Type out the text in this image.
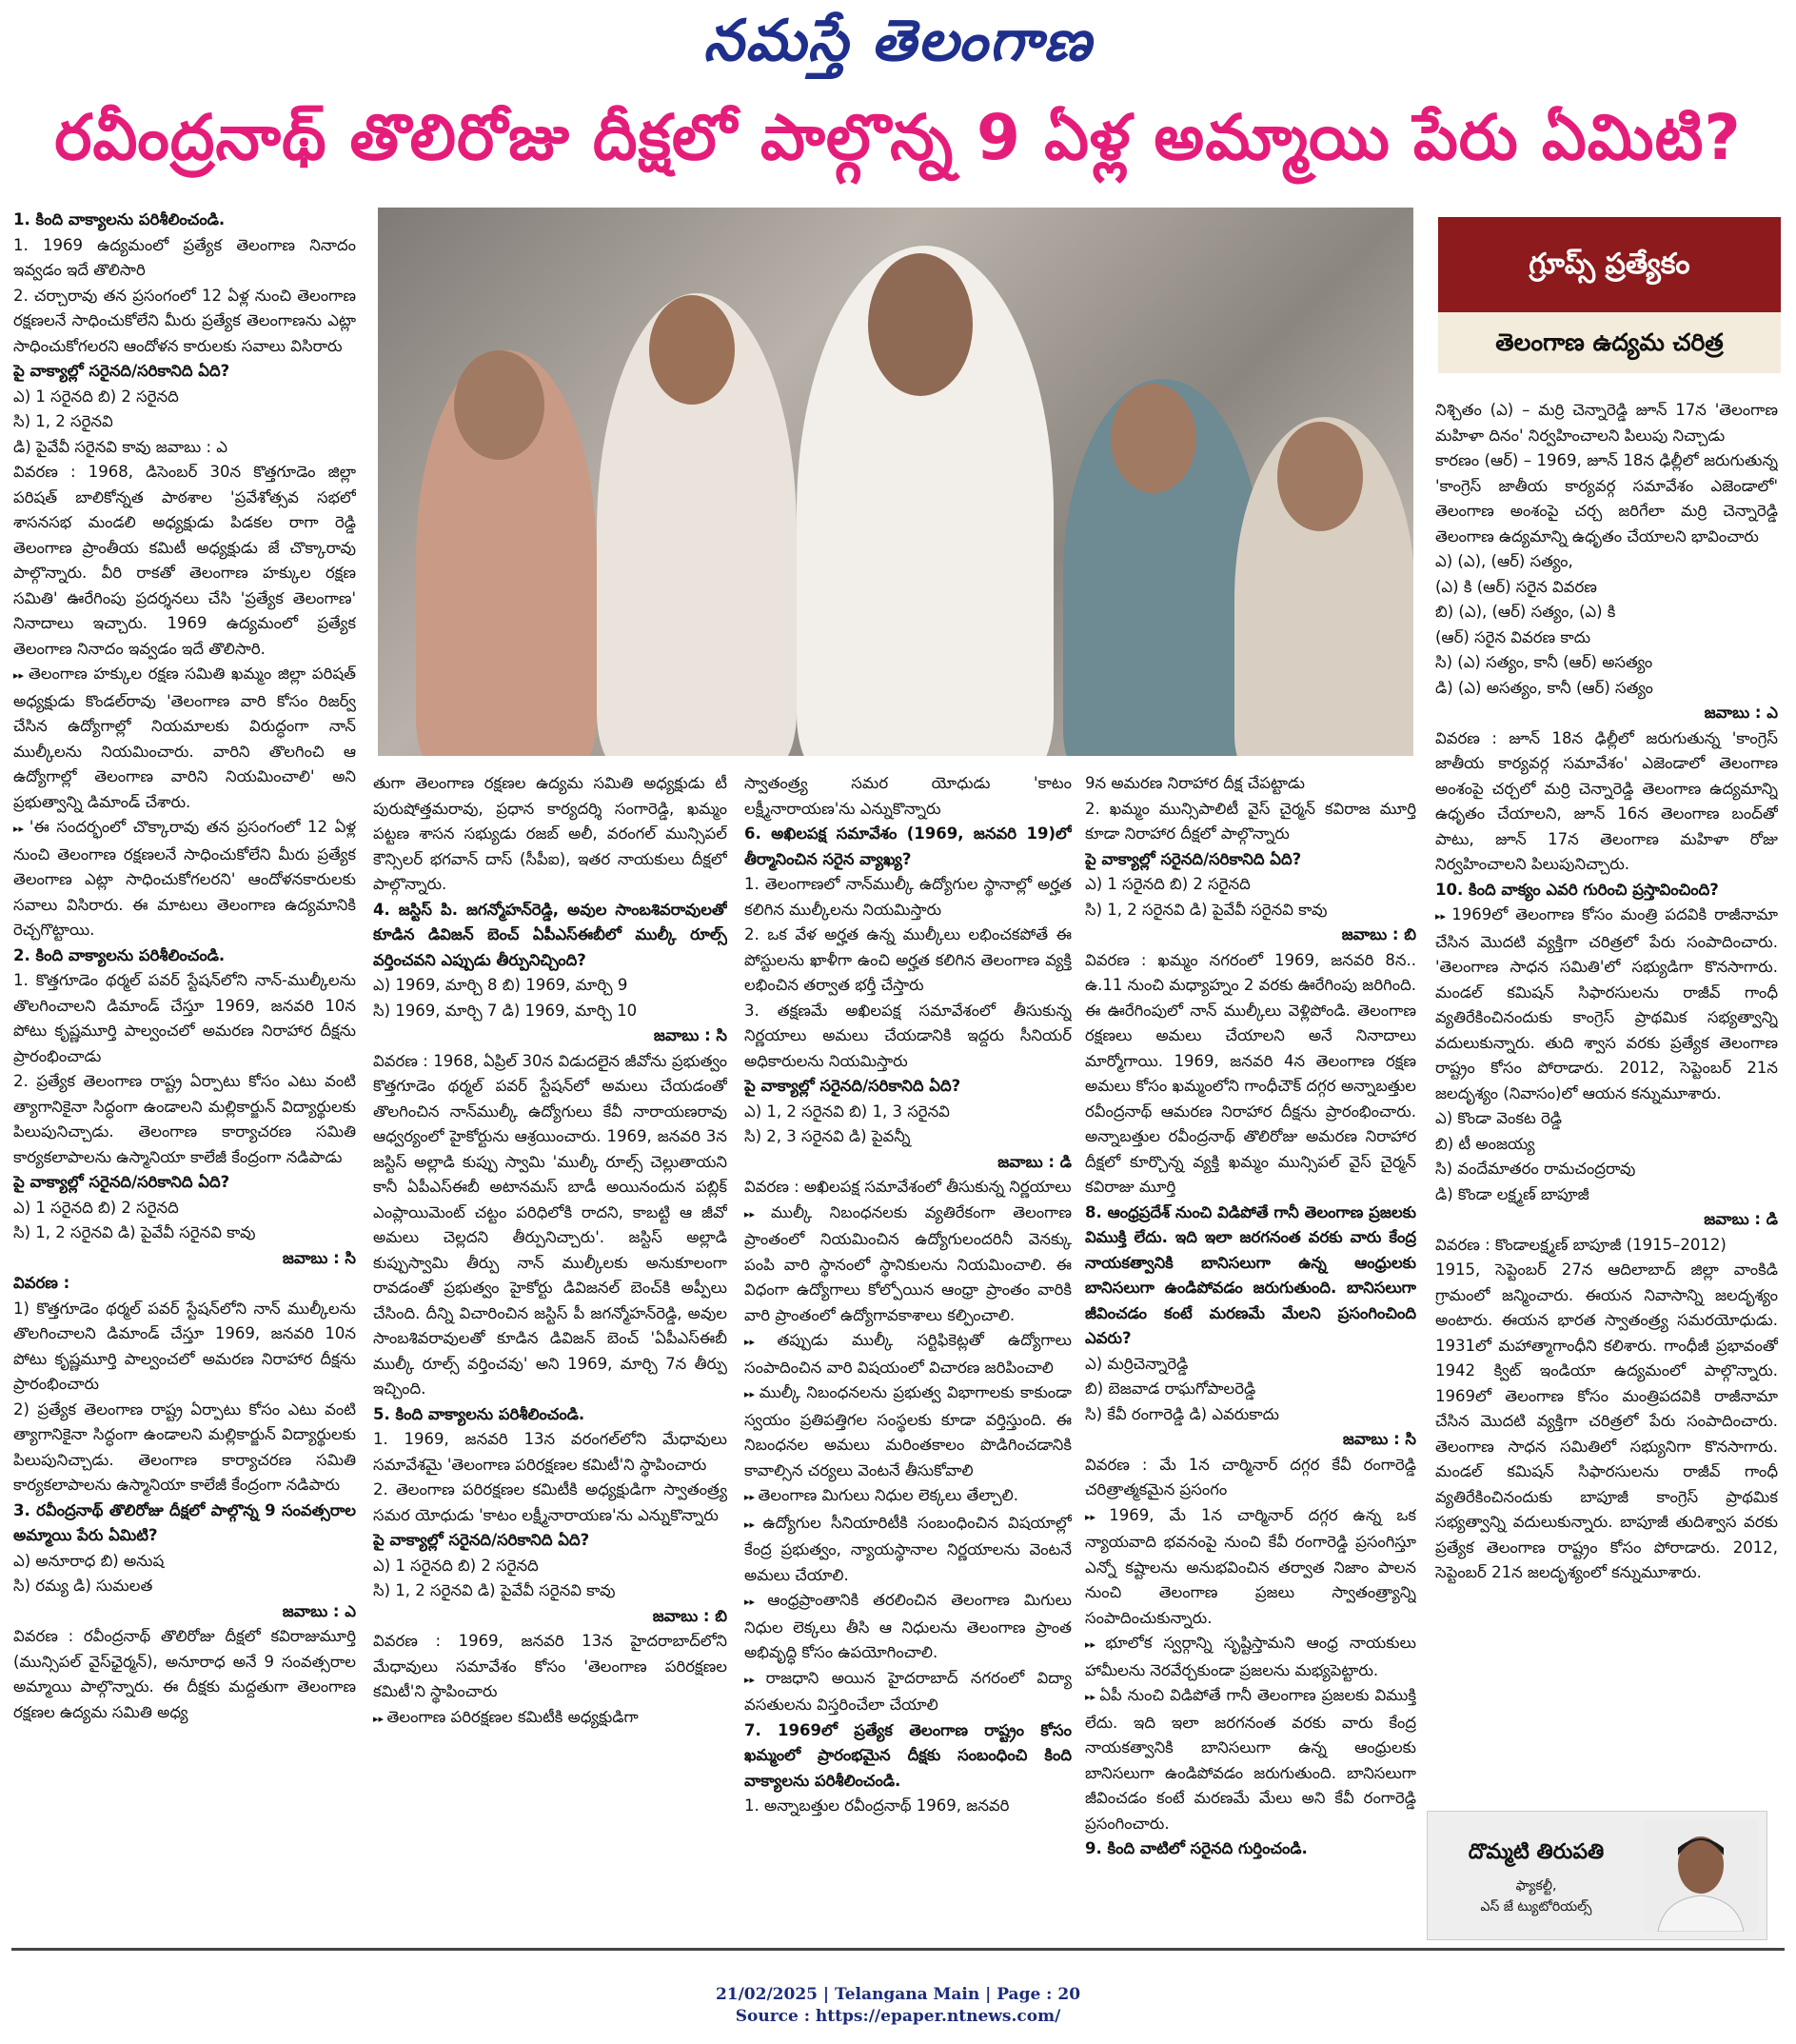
నమస్తే తెలంగాణ
రవీంద్రనాథ్ తొలిరోజు దీక్షలో పాల్గొన్న 9 ఏళ్ల అమ్మాయి పేరు ఏమిటి?
గ్రూప్స్ ప్రత్యేకం
తెలంగాణ ఉద్యమ చరిత్ర

1. కింది వాక్యాలను పరిశీలించండి.

1. 1969 ఉద్యమంలో ప్రత్యేక తెలంగాణ నినాదం ఇవ్వడం ఇదే తొలిసారి

2. చర్చారావు తన ప్రసంగంలో 12 ఏళ్ల నుంచి తెలంగాణ రక్షణలనే సాధించుకోలేని మీరు ప్రత్యేక తెలంగాణను ఎట్లా సాధించుకోగలరని ఆందోళన కారులకు సవాలు విసిరారు

పై వాక్యాల్లో సరైనది/సరికానిది ఏది?

ఎ) 1 సరైనది బి) 2 సరైనది

సి) 1, 2 సరైనవి

డి) పైవేవీ సరైనవి కావు జవాబు : ఎ

వివరణ : 1968, డిసెంబర్ 30న కొత్తగూడెం జిల్లా పరిషత్ బాలికోన్నత పాఠశాల 'ప్రవేశోత్సవ సభలో శాసనసభ మండలి అధ్యక్షుడు పిడకల రాగా రెడ్డి తెలంగాణ ప్రాంతీయ కమిటీ అధ్యక్షుడు జే చొక్కారావు పాల్గొన్నారు. వీరి రాకతో తెలంగాణ హక్కుల రక్షణ సమితి' ఊరేగింపు ప్రదర్శనలు చేసి 'ప్రత్యేక తెలంగాణ' నినాదాలు ఇచ్చారు. 1969 ఉద్యమంలో ప్రత్యేక తెలంగాణ నినాదం ఇవ్వడం ఇదే తొలిసారి.

▸▸ తెలంగాణ హక్కుల రక్షణ సమితి ఖమ్మం జిల్లా పరిషత్ అధ్యక్షుడు కొండల్‌రావు 'తెలంగాణ వారి కోసం రిజర్వ్ చేసిన ఉద్యోగాల్లో నియమాలకు విరుద్ధంగా నాన్ ముల్కీలను నియమించారు. వారిని తొలగించి ఆ ఉద్యోగాల్లో తెలంగాణ వారిని నియమించాలి' అని ప్రభుత్వాన్ని డిమాండ్ చేశారు.

▸▸ 'ఈ సందర్భంలో చొక్కారావు తన ప్రసంగంలో 12 ఏళ్ల నుంచి తెలంగాణ రక్షణలనే సాధించుకోలేని మీరు ప్రత్యేక తెలంగాణ ఎట్లా సాధించుకోగలరని' ఆందోళనకారులకు సవాలు విసిరారు. ఈ మాటలు తెలంగాణ ఉద్యమానికి రెచ్చగొట్టాయి.

2. కింది వాక్యాలను పరిశీలించండి.

1. కొత్తగూడెం థర్మల్ పవర్ స్టేషన్‌లోని నాన్-ముల్కీలను తొలగించాలని డిమాండ్ చేస్తూ 1969, జనవరి 10న పోటు కృష్ణమూర్తి పాల్వంచలో అమరణ నిరాహార దీక్షను ప్రారంభించాడు

2. ప్రత్యేక తెలంగాణ రాష్ట్ర ఏర్పాటు కోసం ఎటు వంటి త్యాగానికైనా సిద్ధంగా ఉండాలని మల్లికార్జున్ విద్యార్థులకు పిలుపునిచ్చాడు. తెలంగాణ కార్యాచరణ సమితి కార్యకలాపాలను ఉస్మానియా కాలేజీ కేంద్రంగా నడిపాడు

పై వాక్యాల్లో సరైనది/సరికానిది ఏది?

ఎ) 1 సరైనది బి) 2 సరైనది

సి) 1, 2 సరైనవి డి) పైవేవీ సరైనవి కావు

జవాబు : సి

వివరణ :

1) కొత్తగూడెం థర్మల్ పవర్ స్టేషన్‌లోని నాన్ ముల్కీలను తొలగించాలని డిమాండ్ చేస్తూ 1969, జనవరి 10న పోటు కృష్ణమూర్తి పాల్వంచలో అమరణ నిరాహార దీక్షను ప్రారంభించారు

2) ప్రత్యేక తెలంగాణ రాష్ట్ర ఏర్పాటు కోసం ఎటు వంటి త్యాగానికైనా సిద్ధంగా ఉండాలని మల్లికార్జున్ విద్యార్థులకు పిలుపునిచ్చాడు. తెలంగాణ కార్యాచరణ సమితి కార్యకలాపాలను ఉస్మానియా కాలేజీ కేంద్రంగా నడిపారు

3. రవీంద్రనాథ్ తొలిరోజు దీక్షలో పాల్గొన్న 9 సంవత్సరాల అమ్మాయి పేరు ఏమిటి?

ఎ) అనూరాధ బి) అనుష

సి) రమ్య డి) సుమలత

జవాబు : ఎ

వివరణ : రవీంద్రనాథ్ తొలిరోజు దీక్షలో కవిరాజుమూర్తి (మున్సిపల్ వైస్‌ఛైర్మన్), అనూరాధ అనే 9 సంవత్సరాల అమ్మాయి పాల్గొన్నారు. ఈ దీక్షకు మద్దతుగా తెలంగాణ రక్షణల ఉద్యమ సమితి అధ్య

తుగా తెలంగాణ రక్షణల ఉద్యమ సమితి అధ్యక్షుడు టీ పురుషోత్తమరావు, ప్రధాన కార్యదర్శి సంగారెడ్డి, ఖమ్మం పట్టణ శాసన సభ్యుడు రజబ్ అలీ, వరంగల్ మున్సిపల్ కౌన్సిలర్ భగవాన్ దాస్ (సీపీఐ), ఇతర నాయకులు దీక్షలో పాల్గొన్నారు.

4. జస్టిస్ పి. జగన్మోహన్‌రెడ్డి, అవుల సాంబశివరావులతో కూడిన డివిజన్ బెంచ్ ఏపీఎస్‌ఈబీలో ముల్కీ రూల్స్ వర్తించవని ఎప్పుడు తీర్పునిచ్చింది?

ఎ) 1969, మార్చి 8 బి) 1969, మార్చి 9

సి) 1969, మార్చి 7 డి) 1969, మార్చి 10

జవాబు : సి

వివరణ : 1968, ఏప్రిల్ 30న విడుదలైన జీవోను ప్రభుత్వం కొత్తగూడెం థర్మల్ పవర్ స్టేషన్‌లో అమలు చేయడంతో తొలగించిన నాన్‌ముల్కీ ఉద్యోగులు కేవీ నారాయణరావు ఆధ్వర్యంలో హైకోర్టును ఆశ్రయించారు. 1969, జనవరి 3న జస్టిస్ అల్లాడి కుప్పు స్వామి 'ముల్కీ రూల్స్ చెల్లుతాయని కానీ ఏపీఎస్‌ఈబీ అటానమస్ బాడీ అయినందున పబ్లిక్ ఎంప్లాయిమెంట్ చట్టం పరిధిలోకి రాదని, కాబట్టి ఆ జీవో అమలు చెల్లదని తీర్పునిచ్చారు'. జస్టిస్ అల్లాడి కుప్పుస్వామి తీర్పు నాన్ ముల్కీలకు అనుకూలంగా రావడంతో ప్రభుత్వం హైకోర్టు డివిజనల్ బెంచ్‌కి అప్పీలు చేసింది. దీన్ని విచారించిన జస్టిస్ పీ జగన్మోహన్‌రెడ్డి, అవుల సాంబశివరావులతో కూడిన డివిజన్ బెంచ్ 'ఏపీఎస్‌ఈబీ ముల్కీ రూల్స్ వర్తించవు' అని 1969, మార్చి 7న తీర్పు ఇచ్చింది.

5. కింది వాక్యాలను పరిశీలించండి.

1. 1969, జనవరి 13న వరంగల్‌లోని మేధావులు సమావేశమై 'తెలంగాణ పరిరక్షణల కమిటీ'ని స్థాపించారు

2. తెలంగాణ పరిరక్షణల కమిటీకి అధ్యక్షుడిగా స్వాతంత్ర్య సమర యోధుడు 'కాటం లక్ష్మీనారాయణ'ను ఎన్నుకొన్నారు

పై వాక్యాల్లో సరైనది/సరికానిది ఏది?

ఎ) 1 సరైనది బి) 2 సరైనది

సి) 1, 2 సరైనవి డి) పైవేవీ సరైనవి కావు

జవాబు : బి

వివరణ : 1969, జనవరి 13న హైదరాబాద్‌లోని మేధావులు సమావేశం కోసం 'తెలంగాణ పరిరక్షణల కమిటీ'ని స్థాపించారు

▸▸ తెలంగాణ పరిరక్షణల కమిటీకి అధ్యక్షుడిగా

స్వాతంత్ర్య సమర యోధుడు 'కాటం లక్ష్మీనారాయణ'ను ఎన్నుకొన్నారు

6. అఖిలపక్ష సమావేశం (1969, జనవరి 19)లో తీర్మానించిన సరైన వ్యాఖ్య?

1. తెలంగాణలో నాన్‌ముల్కీ ఉద్యోగుల స్థానాల్లో అర్హత కలిగిన ముల్కీలను నియమిస్తారు

2. ఒక వేళ అర్హత ఉన్న ముల్కీలు లభించకపోతే ఈ పోస్టులను ఖాళీగా ఉంచి అర్హత కలిగిన తెలంగాణ వ్యక్తి లభించిన తర్వాత భర్తీ చేస్తారు

3. తక్షణమే అఖిలపక్ష సమావేశంలో తీసుకున్న నిర్ణయాలు అమలు చేయడానికి ఇద్దరు సీనియర్ అధికారులను నియమిస్తారు

పై వాక్యాల్లో సరైనది/సరికానిది ఏది?

ఎ) 1, 2 సరైనవి బి) 1, 3 సరైనవి

సి) 2, 3 సరైనవి డి) పైవన్నీ

జవాబు : డి

వివరణ : అఖిలపక్ష సమావేశంలో తీసుకున్న నిర్ణయాలు

▸▸ ముల్కీ నిబంధనలకు వ్యతిరేకంగా తెలంగాణ ప్రాంతంలో నియమించిన ఉద్యోగులందరినీ వెనక్కు పంపి వారి స్థానంలో స్థానికులను నియమించాలి. ఈ విధంగా ఉద్యోగాలు కోల్పోయిన ఆంధ్రా ప్రాంతం వారికి వారి ప్రాంతంలో ఉద్యోగావకాశాలు కల్పించాలి.

▸▸ తప్పుడు ముల్కీ సర్టిఫికెట్లతో ఉద్యోగాలు సంపాదించిన వారి విషయంలో విచారణ జరిపించాలి

▸▸ ముల్కీ నిబంధనలను ప్రభుత్వ విభాగాలకు కాకుండా స్వయం ప్రతిపత్తిగల సంస్థలకు కూడా వర్తిస్తుంది. ఈ నిబంధనల అమలు మరింతకాలం పొడిగించడానికి కావాల్సిన చర్యలు వెంటనే తీసుకోవాలి

▸▸ తెలంగాణ మిగులు నిధుల లెక్కలు తేల్చాలి.

▸▸ ఉద్యోగుల సీనియారిటీకి సంబంధించిన విషయాల్లో కేంద్ర ప్రభుత్వం, న్యాయస్థానాల నిర్ణయాలను వెంటనే అమలు చేయాలి.

▸▸ ఆంధ్రప్రాంతానికి తరలించిన తెలంగాణ మిగులు నిధుల లెక్కలు తీసి ఆ నిధులను తెలంగాణ ప్రాంత అభివృద్ధి కోసం ఉపయోగించాలి.

▸▸ రాజధాని అయిన హైదరాబాద్ నగరంలో విద్యా వసతులను విస్తరించేలా చేయాలి

7. 1969లో ప్రత్యేక తెలంగాణ రాష్ట్రం కోసం ఖమ్మంలో ప్రారంభమైన దీక్షకు సంబంధించి కింది వాక్యాలను పరిశీలించండి.

1. అన్నాబత్తుల రవీంద్రనాథ్ 1969, జనవరి

9న అమరణ నిరాహార దీక్ష చేపట్టాడు

2. ఖమ్మం మున్సిపాలిటీ వైస్ చైర్మన్ కవిరాజ మూర్తి కూడా నిరాహార దీక్షలో పాల్గొన్నారు

పై వాక్యాల్లో సరైనది/సరికానిది ఏది?

ఎ) 1 సరైనది బి) 2 సరైనది

సి) 1, 2 సరైనవి డి) పైవేవీ సరైనవి కావు

జవాబు : బి

వివరణ : ఖమ్మం నగరంలో 1969, జనవరి 8న.. ఉ.11 నుంచి మధ్యాహ్నం 2 వరకు ఊరేగింపు జరిగింది. ఈ ఊరేగింపులో నాన్ ముల్కీలు వెళ్లిపోండి. తెలంగాణ రక్షణలు అమలు చేయాలని అనే నినాదాలు మార్మోగాయి. 1969, జనవరి 4న తెలంగాణ రక్షణ అమలు కోసం ఖమ్మంలోని గాంధీచౌక్ దగ్గర అన్నాబత్తుల రవీంద్రనాథ్ ఆమరణ నిరాహార దీక్షను ప్రారంభించారు. అన్నాబత్తుల రవీంద్రనాథ్ తొలిరోజు అమరణ నిరాహార దీక్షలో కూర్చొన్న వ్యక్తి ఖమ్మం మున్సిపల్ వైస్ చైర్మన్ కవిరాజు మూర్తి

8. ఆంధ్రప్రదేశ్ నుంచి విడిపోతే గానీ తెలంగాణ ప్రజలకు విముక్తి లేదు. ఇది ఇలా జరగనంత వరకు వారు కేంద్ర నాయకత్వానికి బానిసలుగా ఉన్న ఆంధ్రులకు బానిసలుగా ఉండిపోవడం జరుగుతుంది. బానిసలుగా జీవించడం కంటే మరణమే మేలని ప్రసంగించింది ఎవరు?

ఎ) మర్రిచెన్నారెడ్డి

బి) బెజవాడ రాఘగోపాలరెడ్డి

సి) కేవీ రంగారెడ్డి డి) ఎవరుకాదు

జవాబు : సి

వివరణ : మే 1న చార్మినార్ దగ్గర కేవీ రంగారెడ్డి చరిత్రాత్మకమైన ప్రసంగం

▸▸ 1969, మే 1న చార్మినార్ దగ్గర ఉన్న ఒక న్యాయవాది భవనంపై నుంచి కేవీ రంగారెడ్డి ప్రసంగిస్తూ ఎన్నో కష్టాలను అనుభవించిన తర్వాత నిజాం పాలన నుంచి తెలంగాణ ప్రజలు స్వాతంత్ర్యాన్ని సంపాదించుకున్నారు.

▸▸ భూలోక స్వర్గాన్ని సృష్టిస్తామని ఆంధ్ర నాయకులు హామీలను నెరవేర్చకుండా ప్రజలను మభ్యపెట్టారు.

▸▸ ఏపీ నుంచి విడిపోతే గానీ తెలంగాణ ప్రజలకు విముక్తి లేదు. ఇది ఇలా జరగనంత వరకు వారు కేంద్ర నాయకత్వానికి బానిసలుగా ఉన్న ఆంధ్రులకు బానిసలుగా ఉండిపోవడం జరుగుతుంది. బానిసలుగా జీవించడం కంటే మరణమే మేలు అని కేవీ రంగారెడ్డి ప్రసంగించారు.

9. కింది వాటిలో సరైనది గుర్తించండి.

నిశ్చితం (ఎ) – మర్రి చెన్నారెడ్డి జూన్ 17న 'తెలంగాణ మహిళా దినం' నిర్వహించాలని పిలుపు నిచ్చాడు

కారణం (ఆర్) – 1969, జూన్ 18న ఢిల్లీలో జరుగుతున్న 'కాంగ్రెస్ జాతీయ కార్యవర్గ సమావేశం ఎజెండాలో' తెలంగాణ అంశంపై చర్చ జరిగేలా మర్రి చెన్నారెడ్డి తెలంగాణ ఉద్యమాన్ని ఉధృతం చేయాలని భావించారు

ఎ) (ఎ), (ఆర్) సత్యం,

(ఎ) కి (ఆర్) సరైన వివరణ

బి) (ఎ), (ఆర్) సత్యం, (ఎ) కి

(ఆర్) సరైన వివరణ కాదు

సి) (ఎ) సత్యం, కానీ (ఆర్) అసత్యం

డి) (ఎ) అసత్యం, కానీ (ఆర్) సత్యం

జవాబు : ఎ

వివరణ : జూన్ 18న ఢిల్లీలో జరుగుతున్న 'కాంగ్రెస్ జాతీయ కార్యవర్గ సమావేశం' ఎజెండాలో తెలంగాణ అంశంపై చర్చలో మర్రి చెన్నారెడ్డి తెలంగాణ ఉద్యమాన్ని ఉధృతం చేయాలని, జూన్ 16న తెలంగాణ బంద్‌తో పాటు, జూన్ 17న తెలంగాణ మహిళా రోజు నిర్వహించాలని పిలుపునిచ్చారు.

10. కింది వాక్యం ఎవరి గురించి ప్రస్తావించింది?

▸▸ 1969లో తెలంగాణ కోసం మంత్రి పదవికి రాజీనామా చేసిన మొదటి వ్యక్తిగా చరిత్రలో పేరు సంపాదించారు. 'తెలంగాణ సాధన సమితి'లో సభ్యుడిగా కొనసాగారు. మండల్ కమిషన్ సిఫారసులను రాజీవ్ గాంధీ వ్యతిరేకించినందుకు కాంగ్రెస్ ప్రాథమిక సభ్యత్వాన్ని వదులుకున్నారు. తుది శ్వాస వరకు ప్రత్యేక తెలంగాణ రాష్ట్రం కోసం పోరాడారు. 2012, సెప్టెంబర్ 21న జలదృశ్యం (నివాసం)లో ఆయన కన్నుమూశారు.

ఎ) కొండా వెంకట రెడ్డి

బి) టీ అంజయ్య

సి) వందేమాతరం రామచంద్రరావు

డి) కొండా లక్ష్మణ్ బాపూజీ

జవాబు : డి

వివరణ : కొండాలక్ష్మణ్ బాపూజీ (1915–2012)

1915, సెప్టెంబర్ 27న ఆదిలాబాద్ జిల్లా వాంకిడి గ్రామంలో జన్మించారు. ఈయన నివాసాన్ని జలదృశ్యం అంటారు. ఈయన భారత స్వాతంత్ర్య సమరయోధుడు. 1931లో మహాత్మాగాంధీని కలిశారు. గాంధీజీ ప్రభావంతో 1942 క్విట్ ఇండియా ఉద్యమంలో పాల్గొన్నారు. 1969లో తెలంగాణ కోసం మంత్రిపదవికి రాజీనామా చేసిన మొదటి వ్యక్తిగా చరిత్రలో పేరు సంపాదించారు. తెలంగాణ సాధన సమితిలో సభ్యునిగా కొనసాగారు. మండల్ కమిషన్ సిఫారసులను రాజీవ్ గాంధీ వ్యతిరేకించినందుకు బాపూజీ కాంగ్రెస్ ప్రాథమిక సభ్యత్వాన్ని వదులుకున్నారు. బాపూజీ తుదిశ్వాస వరకు ప్రత్యేక తెలంగాణ రాష్ట్రం కోసం పోరాడారు. 2012, సెప్టెంబర్ 21న జలదృశ్యంలో కన్నుమూశారు.

దొమ్మటి తిరుపతి
ఫ్యాకల్టీ,
ఎస్ జే ట్యుటోరియల్స్
21/02/2025 | Telangana Main | Page : 20
Source : https://epaper.ntnews.com/
